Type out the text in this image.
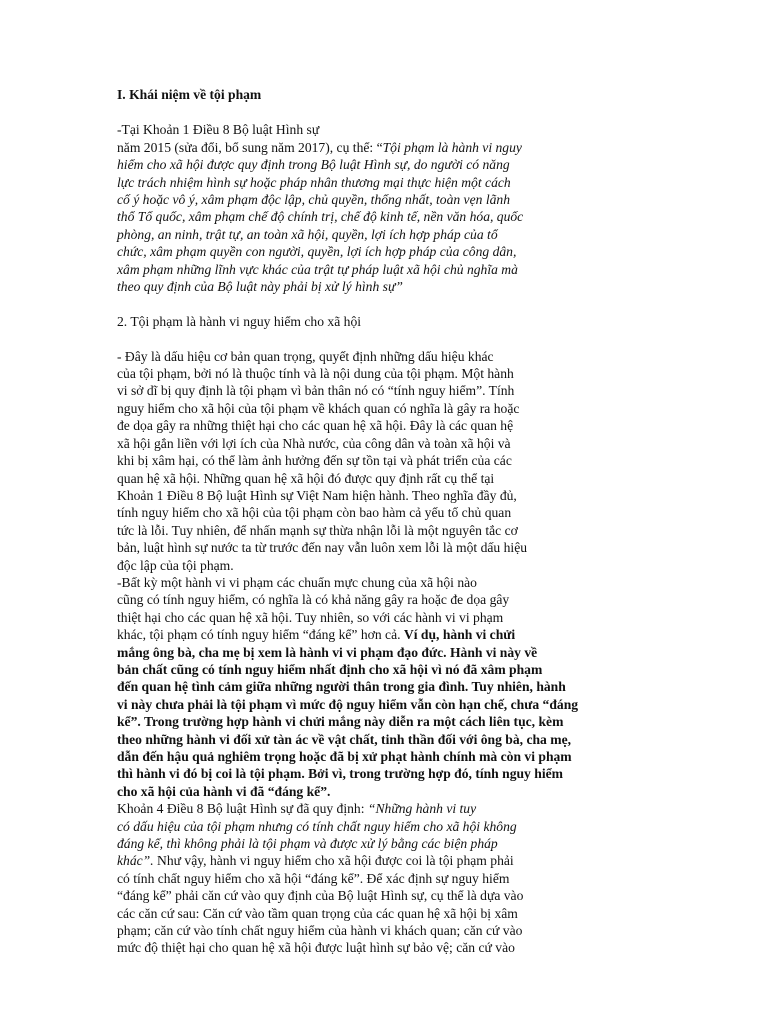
I. Khái niệm về tội phạm

-Tại Khoản 1 Điều 8 Bộ luật Hình sự

năm 2015 (sửa đổi, bổ sung năm 2017), cụ thể: “Tội phạm là hành vi nguy

hiểm cho xã hội được quy định trong Bộ luật Hình sự, do người có năng

lực trách nhiệm hình sự hoặc pháp nhân thương mại thực hiện một cách

cố ý hoặc vô ý, xâm phạm độc lập, chủ quyền, thống nhất, toàn vẹn lãnh

thổ Tổ quốc, xâm phạm chế độ chính trị, chế độ kinh tế, nền văn hóa, quốc

phòng, an ninh, trật tự, an toàn xã hội, quyền, lợi ích hợp pháp của tổ

chức, xâm phạm quyền con người, quyền, lợi ích hợp pháp của công dân,

xâm phạm những lĩnh vực khác của trật tự pháp luật xã hội chủ nghĩa mà

theo quy định của Bộ luật này phải bị xử lý hình sự”

2. Tội phạm là hành vi nguy hiểm cho xã hội

- Đây là dấu hiệu cơ bản quan trọng, quyết định những dấu hiệu khác

của tội phạm, bởi nó là thuộc tính và là nội dung của tội phạm. Một hành

vi sở dĩ bị quy định là tội phạm vì bản thân nó có “tính nguy hiểm”. Tính

nguy hiểm cho xã hội của tội phạm về khách quan có nghĩa là gây ra hoặc

đe dọa gây ra những thiệt hại cho các quan hệ xã hội. Đây là các quan hệ

xã hội gắn liền với lợi ích của Nhà nước, của công dân và toàn xã hội và

khi bị xâm hại, có thể làm ảnh hưởng đến sự tồn tại và phát triển của các

quan hệ xã hội. Những quan hệ xã hội đó được quy định rất cụ thể tại

Khoản 1 Điều 8 Bộ luật Hình sự Việt Nam hiện hành. Theo nghĩa đầy đủ,

tính nguy hiểm cho xã hội của tội phạm còn bao hàm cả yếu tố chủ quan

tức là lỗi. Tuy nhiên, để nhấn mạnh sự thừa nhận lỗi là một nguyên tắc cơ

bản, luật hình sự nước ta từ trước đến nay vẫn luôn xem lỗi là một dấu hiệu

độc lập của tội phạm.

-Bất kỳ một hành vi vi phạm các chuẩn mực chung của xã hội nào

cũng có tính nguy hiểm, có nghĩa là có khả năng gây ra hoặc đe dọa gây

thiệt hại cho các quan hệ xã hội. Tuy nhiên, so với các hành vi vi phạm

khác, tội phạm có tính nguy hiểm “đáng kể” hơn cả. Ví dụ, hành vi chửi

mắng ông bà, cha mẹ bị xem là hành vi vi phạm đạo đức. Hành vi này về

bản chất cũng có tính nguy hiểm nhất định cho xã hội vì nó đã xâm phạm

đến quan hệ tình cảm giữa những người thân trong gia đình. Tuy nhiên, hành

vi này chưa phải là tội phạm vì mức độ nguy hiểm vẫn còn hạn chế, chưa “đáng

kể”. Trong trường hợp hành vi chửi mắng này diễn ra một cách liên tục, kèm

theo những hành vi đối xử tàn ác về vật chất, tinh thần đối với ông bà, cha mẹ,

dẫn đến hậu quả nghiêm trọng hoặc đã bị xử phạt hành chính mà còn vi phạm

thì hành vi đó bị coi là tội phạm. Bởi vì, trong trường hợp đó, tính nguy hiểm

cho xã hội của hành vi đã “đáng kể”.

Khoản 4 Điều 8 Bộ luật Hình sự đã quy định: “Những hành vi tuy

có dấu hiệu của tội phạm nhưng có tính chất nguy hiểm cho xã hội không

đáng kể, thì không phải là tội phạm và được xử lý bằng các biện pháp

khác”. Như vậy, hành vi nguy hiểm cho xã hội được coi là tội phạm phải

có tính chất nguy hiểm cho xã hội “đáng kể”. Để xác định sự nguy hiểm

“đáng kể” phải căn cứ vào quy định của Bộ luật Hình sự, cụ thể là dựa vào

các căn cứ sau: Căn cứ vào tầm quan trọng của các quan hệ xã hội bị xâm

phạm; căn cứ vào tính chất nguy hiểm của hành vi khách quan; căn cứ vào

mức độ thiệt hại cho quan hệ xã hội được luật hình sự bảo vệ; căn cứ vào
